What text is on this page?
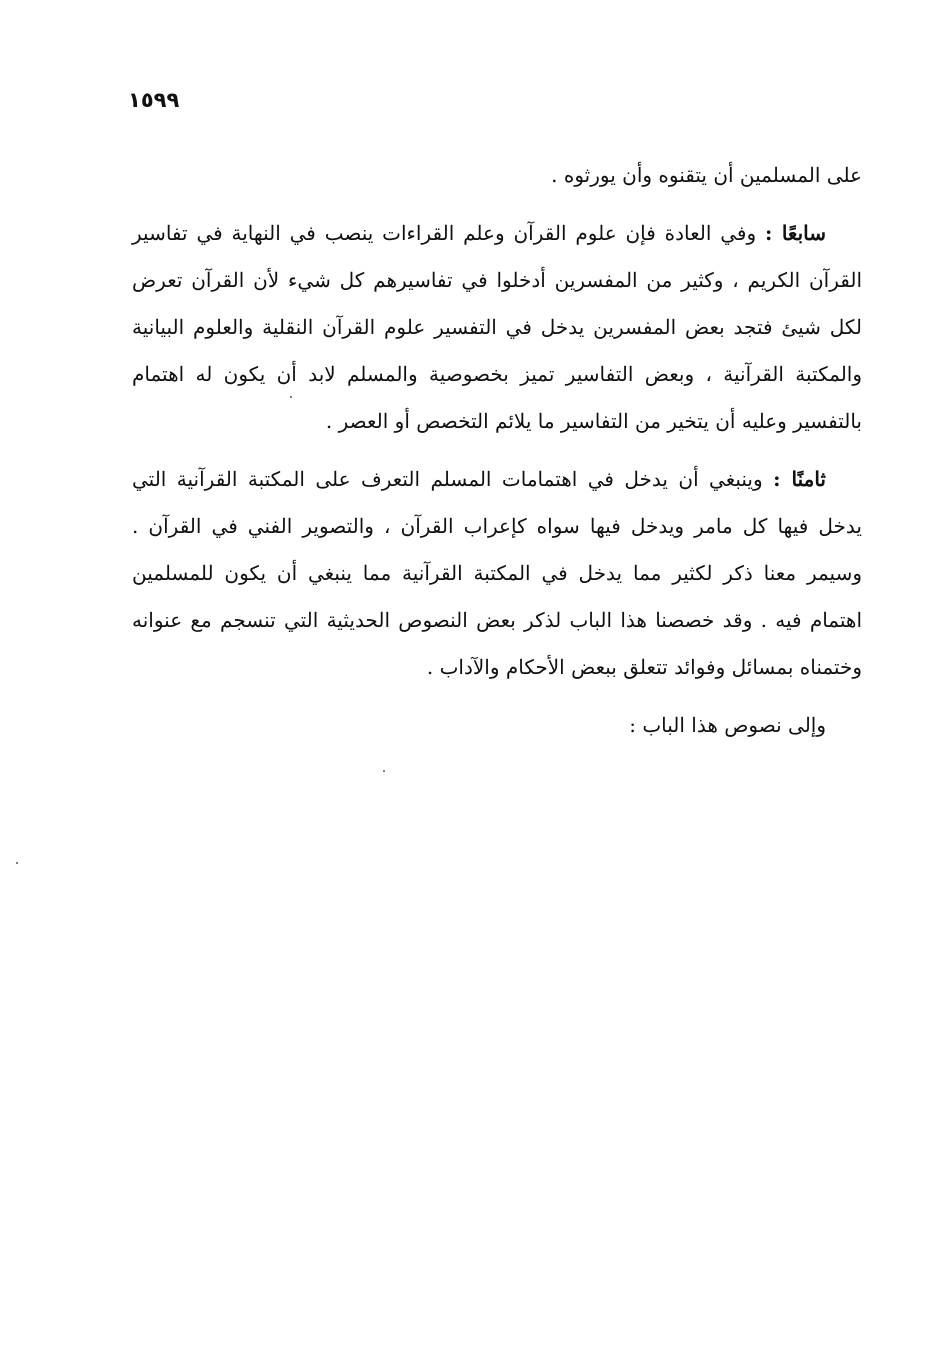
١٥٩٩

على المسلمين أن يتقنوه وأن يورثوه .

سابعًا : وفي العادة فإن علوم القرآن وعلم القراءات ينصب في النهاية في تفاسير القرآن الكريم ، وكثير من المفسرين أدخلوا في تفاسيرهم كل شيء لأن القرآن تعرض لكل شيئ فتجد بعض المفسرين يدخل في التفسير علوم القرآن النقلية والعلوم البيانية والمكتبة القرآنية ، وبعض التفاسير تميز بخصوصية والمسلم لابد أن يكون له اهتمام بالتفسير وعليه أن يتخير من التفاسير ما يلائم التخصص أو العصر .

ثامنًا : وينبغي أن يدخل في اهتمامات المسلم التعرف على المكتبة القرآنية التي يدخل فيها كل مامر ويدخل فيها سواه كإعراب القرآن ، والتصوير الفني في القرآن . وسيمر معنا ذكر لكثير مما يدخل في المكتبة القرآنية مما ينبغي أن يكون للمسلمين اهتمام فيه . وقد خصصنا هذا الباب لذكر بعض النصوص الحديثية التي تنسجم مع عنوانه وختمناه بمسائل وفوائد تتعلق ببعض الأحكام والآداب .

وإلى نصوص هذا الباب :
